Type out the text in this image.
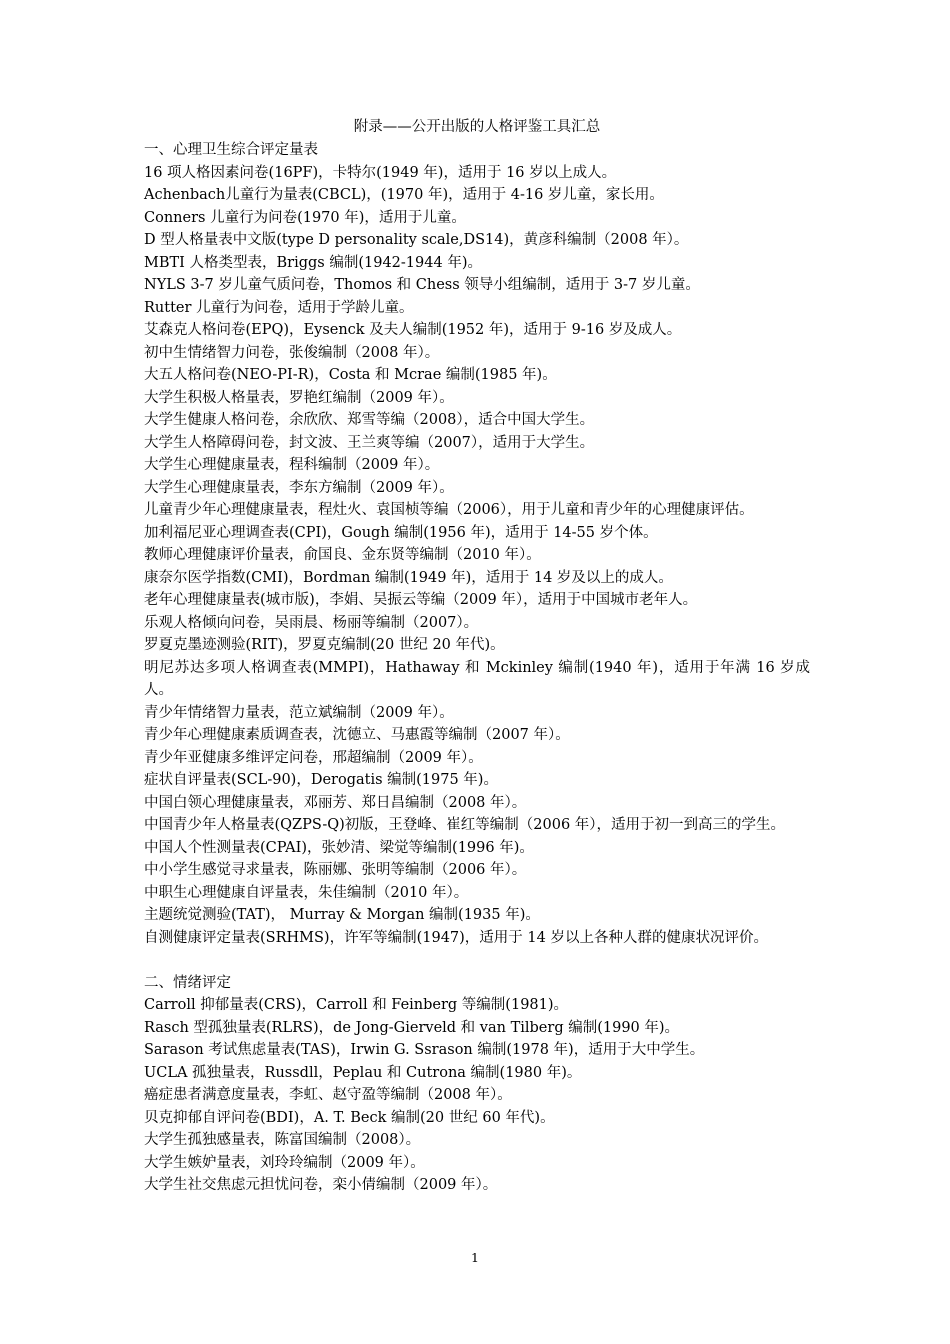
附录——公开出版的人格评鉴工具汇总
一、心理卫生综合评定量表
16 项人格因素问卷(16PF)，卡特尔(1949 年)，适用于 16 岁以上成人。
Achenbach儿童行为量表(CBCL)，(1970 年)，适用于 4-16 岁儿童，家长用。
Conners 儿童行为问卷(1970 年)，适用于儿童。
D 型人格量表中文版(type D personality scale,DS14)，黄彦科编制（2008 年）。
MBTI 人格类型表，Briggs 编制(1942-1944 年)。
NYLS 3-7 岁儿童气质问卷，Thomos 和 Chess 领导小组编制，适用于 3-7 岁儿童。
Rutter 儿童行为问卷，适用于学龄儿童。
艾森克人格问卷(EPQ)，Eysenck 及夫人编制(1952 年)，适用于 9-16 岁及成人。
初中生情绪智力问卷，张俊编制（2008 年）。
大五人格问卷(NEO-PI-R)，Costa 和 Mcrae 编制(1985 年)。
大学生积极人格量表，罗艳红编制（2009 年）。
大学生健康人格问卷，余欣欣、郑雪等编（2008），适合中国大学生。
大学生人格障碍问卷，封文波、王兰爽等编（2007），适用于大学生。
大学生心理健康量表，程科编制（2009 年）。
大学生心理健康量表，李东方编制（2009 年）。
儿童青少年心理健康量表，程灶火、袁国桢等编（2006），用于儿童和青少年的心理健康评估。
加利福尼亚心理调查表(CPI)，Gough 编制(1956 年)，适用于 14-55 岁个体。
教师心理健康评价量表，俞国良、金东贤等编制（2010 年）。
康奈尔医学指数(CMI)，Bordman 编制(1949 年)，适用于 14 岁及以上的成人。
老年心理健康量表(城市版)，李娟、吴振云等编（2009 年），适用于中国城市老年人。
乐观人格倾向问卷，吴雨晨、杨丽等编制（2007）。
罗夏克墨迹测验(RIT)，罗夏克编制(20 世纪 20 年代)。
明尼苏达多项人格调查表(MMPI)，Hathaway 和 Mckinley 编制(1940 年)，适用于年满 16 岁成人。
青少年情绪智力量表，范立斌编制（2009 年）。
青少年心理健康素质调查表，沈德立、马惠霞等编制（2007 年）。
青少年亚健康多维评定问卷，邢超编制（2009 年）。
症状自评量表(SCL-90)，Derogatis 编制(1975 年)。
中国白领心理健康量表，邓丽芳、郑日昌编制（2008 年）。
中国青少年人格量表(QZPS-Q)初版，王登峰、崔红等编制（2006 年），适用于初一到高三的学生。
中国人个性测量表(CPAI)，张妙清、梁觉等编制(1996 年)。
中小学生感觉寻求量表，陈丽娜、张明等编制（2006 年）。
中职生心理健康自评量表，朱佳编制（2010 年）。
主题统觉测验(TAT)， Murray & Morgan 编制(1935 年)。
自测健康评定量表(SRHMS)，许军等编制(1947)，适用于 14 岁以上各种人群的健康状况评价。
二、情绪评定
Carroll 抑郁量表(CRS)，Carroll 和 Feinberg 等编制(1981)。
Rasch 型孤独量表(RLRS)，de Jong-Gierveld 和 van Tilberg 编制(1990 年)。
Sarason 考试焦虑量表(TAS)，Irwin G. Ssrason 编制(1978 年)，适用于大中学生。
UCLA 孤独量表，Russdll，Peplau 和 Cutrona 编制(1980 年)。
癌症患者满意度量表，李虹、赵守盈等编制（2008 年）。
贝克抑郁自评问卷(BDI)，A. T. Beck 编制(20 世纪 60 年代)。
大学生孤独感量表，陈富国编制（2008）。
大学生嫉妒量表，刘玲玲编制（2009 年）。
大学生社交焦虑元担忧问卷，栾小倩编制（2009 年）。
1
